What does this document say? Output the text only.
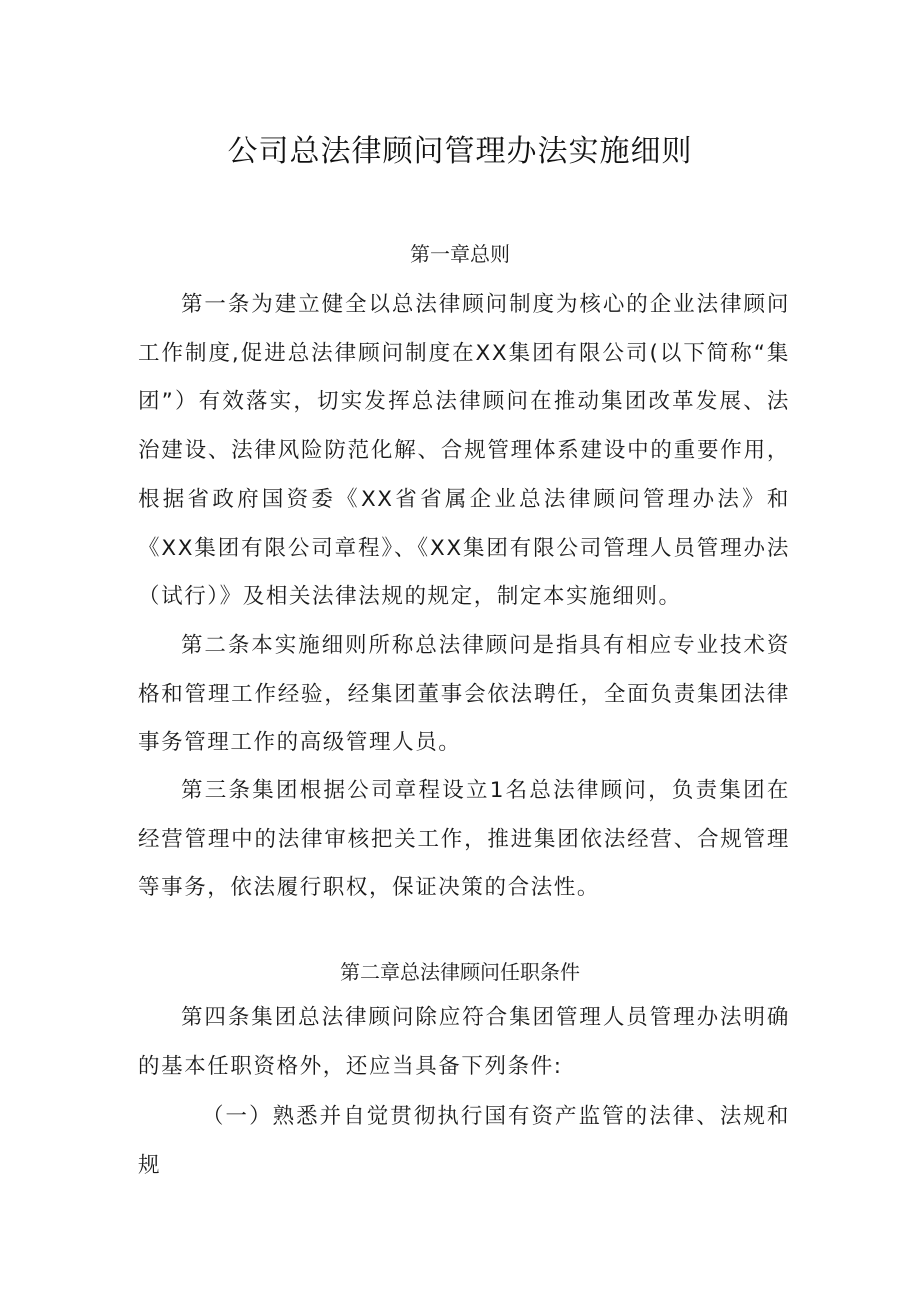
公司总法律顾问管理办法实施细则
第一章总则

第一条为建立健全以总法律顾问制度为核心的企业法律顾问工作制度,促进总法律顾问制度在XX集团有限公司(以下简称“集团”）有效落实，切实发挥总法律顾问在推动集团改革发展、法治建设、法律风险防范化解、合规管理体系建设中的重要作用，根据省政府国资委《XX省省属企业总法律顾问管理办法》和《XX集团有限公司章程》、《XX集团有限公司管理人员管理办法（试行）》及相关法律法规的规定，制定本实施细则。

第二条本实施细则所称总法律顾问是指具有相应专业技术资格和管理工作经验，经集团董事会依法聘任，全面负责集团法律事务管理工作的高级管理人员。

第三条集团根据公司章程设立1名总法律顾问，负责集团在经营管理中的法律审核把关工作，推进集团依法经营、合规管理等事务，依法履行职权，保证决策的合法性。

第二章总法律顾问任职条件

第四条集团总法律顾问除应符合集团管理人员管理办法明确的基本任职资格外，还应当具备下列条件:

（一）熟悉并自觉贯彻执行国有资产监管的法律、法规和规
